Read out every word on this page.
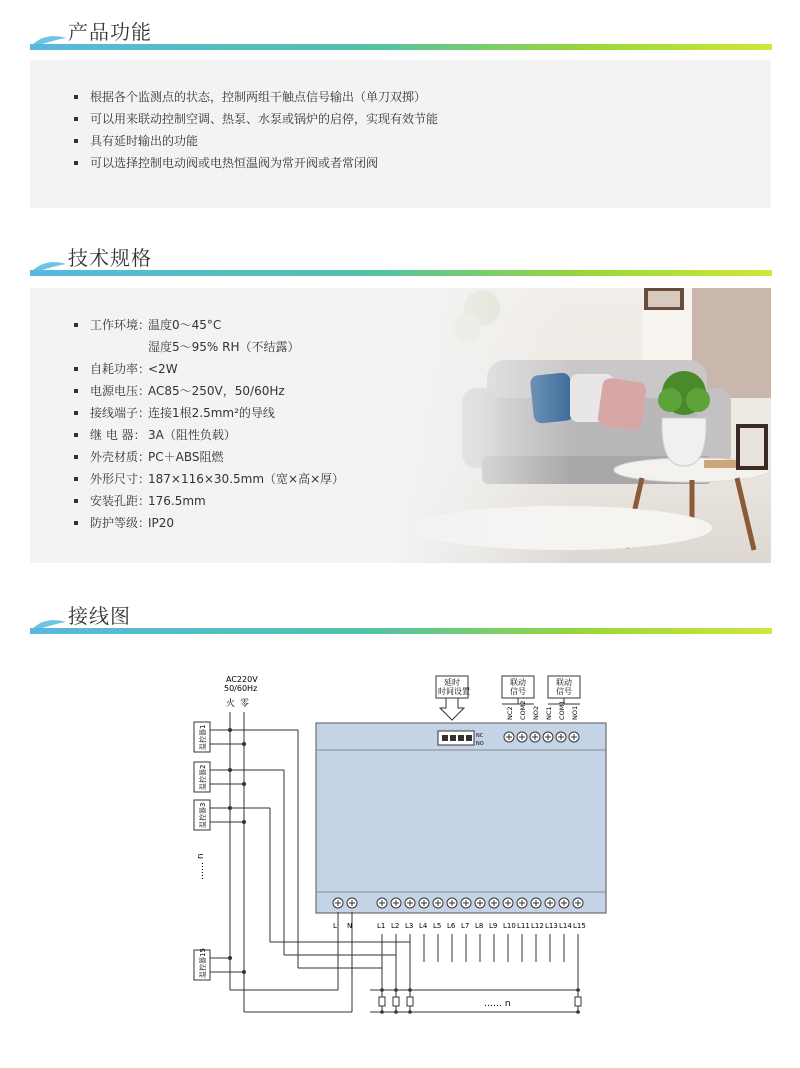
产品功能
根据各个监测点的状态，控制两组干触点信号输出（单刀双掷）
可以用来联动控制空调、热泵、水泵或锅炉的启停，实现有效节能
具有延时输出的功能
可以选择控制电动阀或电热恒温阀为常开阀或者常闭阀
技术规格
工作环境：温度0～45°C
湿度5～95% RH（不结露）
自耗功率：<2W
电源电压：AC85～250V，50/60Hz
接线端子：连接1根2.5mm²的导线
继 电 器： 3A（阻性负载）
外壳材质：PC＋ABS阻燃
外形尺寸：187×116×30.5mm（宽×高×厚）
安装孔距：176.5mm
防护等级：IP20
接线图
温控器1
温控器2
温控器3
温控器15
NC2 COM2 NO2 NC1 COM1 NO1
L N	L1 L2 L3 L4 L5 L6 L7 L8 L9 L10 L11 L12 L13 L14 L15
AC220V
50/60Hz
火 零
…… n
延时
时间设置
联动
信号
联动
信号
NC
NO
…… n
